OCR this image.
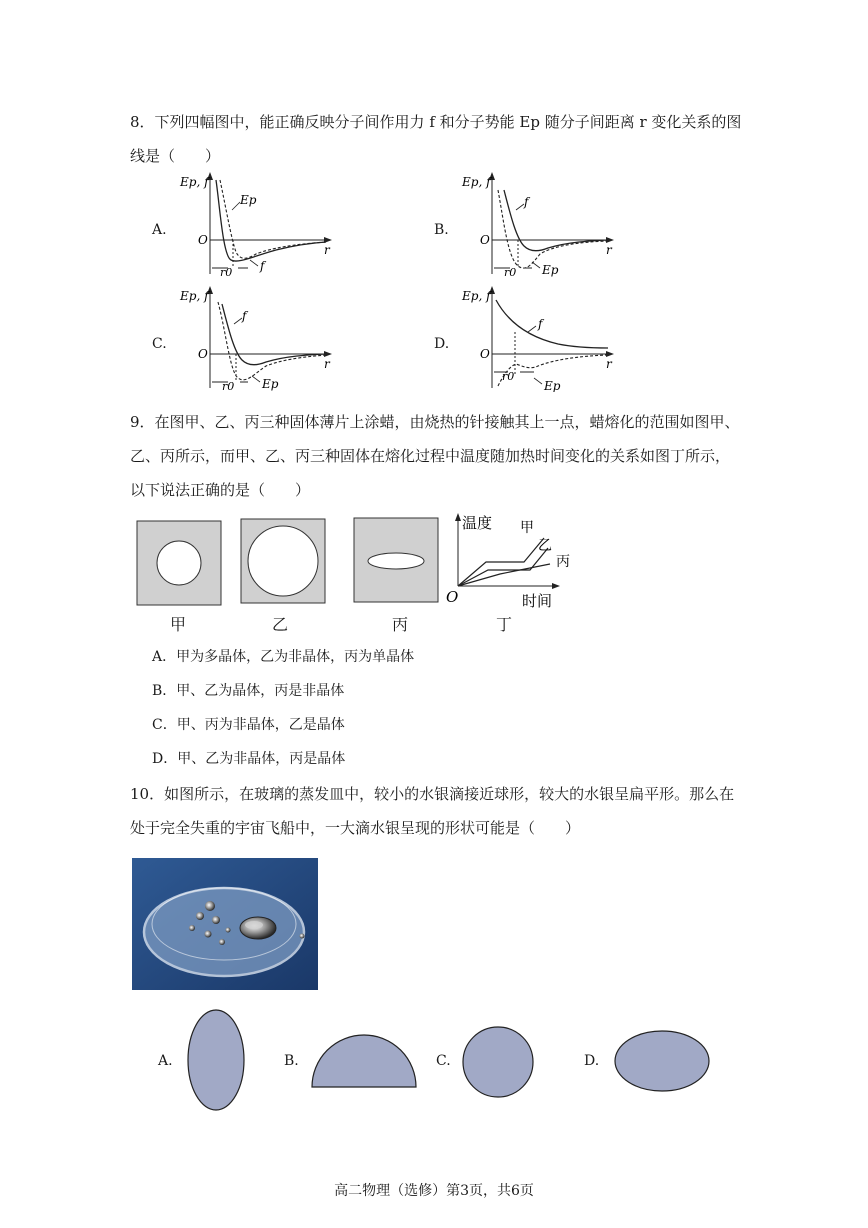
8．下列四幅图中，能正确反映分子间作用力 f 和分子势能 Ep 随分子间距离 r 变化关系的图
线是（　　）
A.	B.
C.	D.
Ep, f
O
r
r0
Ep
f
Ep, f
O
r
r0
f
Ep
Ep, f
O
r
r0
f
Ep
Ep, f
O
r
r0
f
Ep
9．在图甲、乙、丙三种固体薄片上涂蜡，由烧热的针接触其上一点，蜡熔化的范围如图甲、
乙、丙所示，而甲、乙、丙三种固体在熔化过程中温度随加热时间变化的关系如图丁所示，
以下说法正确的是（　　）
温度
O	时间
甲
乙
丙
甲	乙	丙	丁
A．甲为多晶体，乙为非晶体，丙为单晶体
B．甲、乙为晶体，丙是非晶体
C．甲、丙为非晶体，乙是晶体
D．甲、乙为非晶体，丙是晶体
10．如图所示，在玻璃的蒸发皿中，较小的水银滴接近球形，较大的水银呈扁平形。那么在
处于完全失重的宇宙飞船中，一大滴水银呈现的形状可能是（　　）
A.	B.	C.	D.
高二物理（选修）第3页，共6页
